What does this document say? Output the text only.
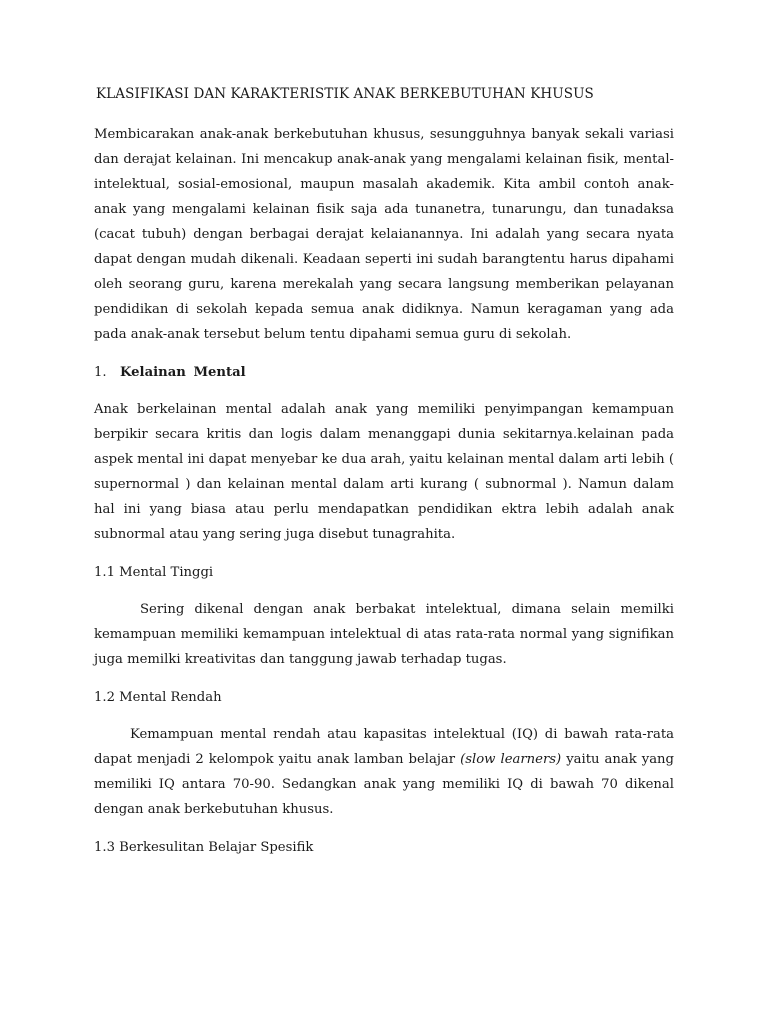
KLASIFIKASI DAN KARAKTERISTIK ANAK BERKEBUTUHAN KHUSUS

Membicarakan anak-anak berkebutuhan khusus, sesungguhnya banyak sekali variasi dan derajat kelainan. Ini mencakup anak-anak yang mengalami kelainan fisik, mental-intelektual, sosial-emosional, maupun masalah akademik. Kita ambil contoh anak-anak yang mengalami kelainan fisik saja ada tunanetra, tunarungu, dan tunadaksa (cacat tubuh) dengan berbagai derajat kelaianannya. Ini adalah yang secara nyata dapat dengan mudah dikenali. Keadaan seperti ini sudah barangtentu harus dipahami oleh seorang guru, karena merekalah yang secara langsung memberikan pelayanan pendidikan di sekolah kepada semua anak didiknya. Namun keragaman yang ada pada anak-anak tersebut belum tentu dipahami semua guru di sekolah.

1.	Kelainan Mental

Anak berkelainan mental adalah anak yang memiliki penyimpangan kemampuan berpikir secara kritis dan logis dalam menanggapi dunia sekitarnya.kelainan pada aspek mental ini dapat menyebar ke dua arah, yaitu kelainan mental dalam arti lebih ( supernormal ) dan kelainan mental dalam arti kurang ( subnormal ). Namun dalam hal ini yang biasa atau perlu mendapatkan pendidikan ektra lebih adalah anak subnormal atau yang sering juga disebut tunagrahita.

1.1 Mental Tinggi

Sering dikenal dengan anak berbakat intelektual, dimana selain memilki kemampuan memiliki kemampuan intelektual di atas rata-rata normal yang signifikan juga memilki kreativitas dan tanggung jawab terhadap tugas.

1.2 Mental Rendah

Kemampuan mental rendah atau kapasitas intelektual (IQ) di bawah rata-rata dapat menjadi 2 kelompok yaitu anak lamban belajar (slow learners) yaitu anak yang memiliki IQ antara 70-90. Sedangkan anak yang memiliki IQ di bawah 70 dikenal dengan anak berkebutuhan khusus.

1.3 Berkesulitan Belajar Spesifik
